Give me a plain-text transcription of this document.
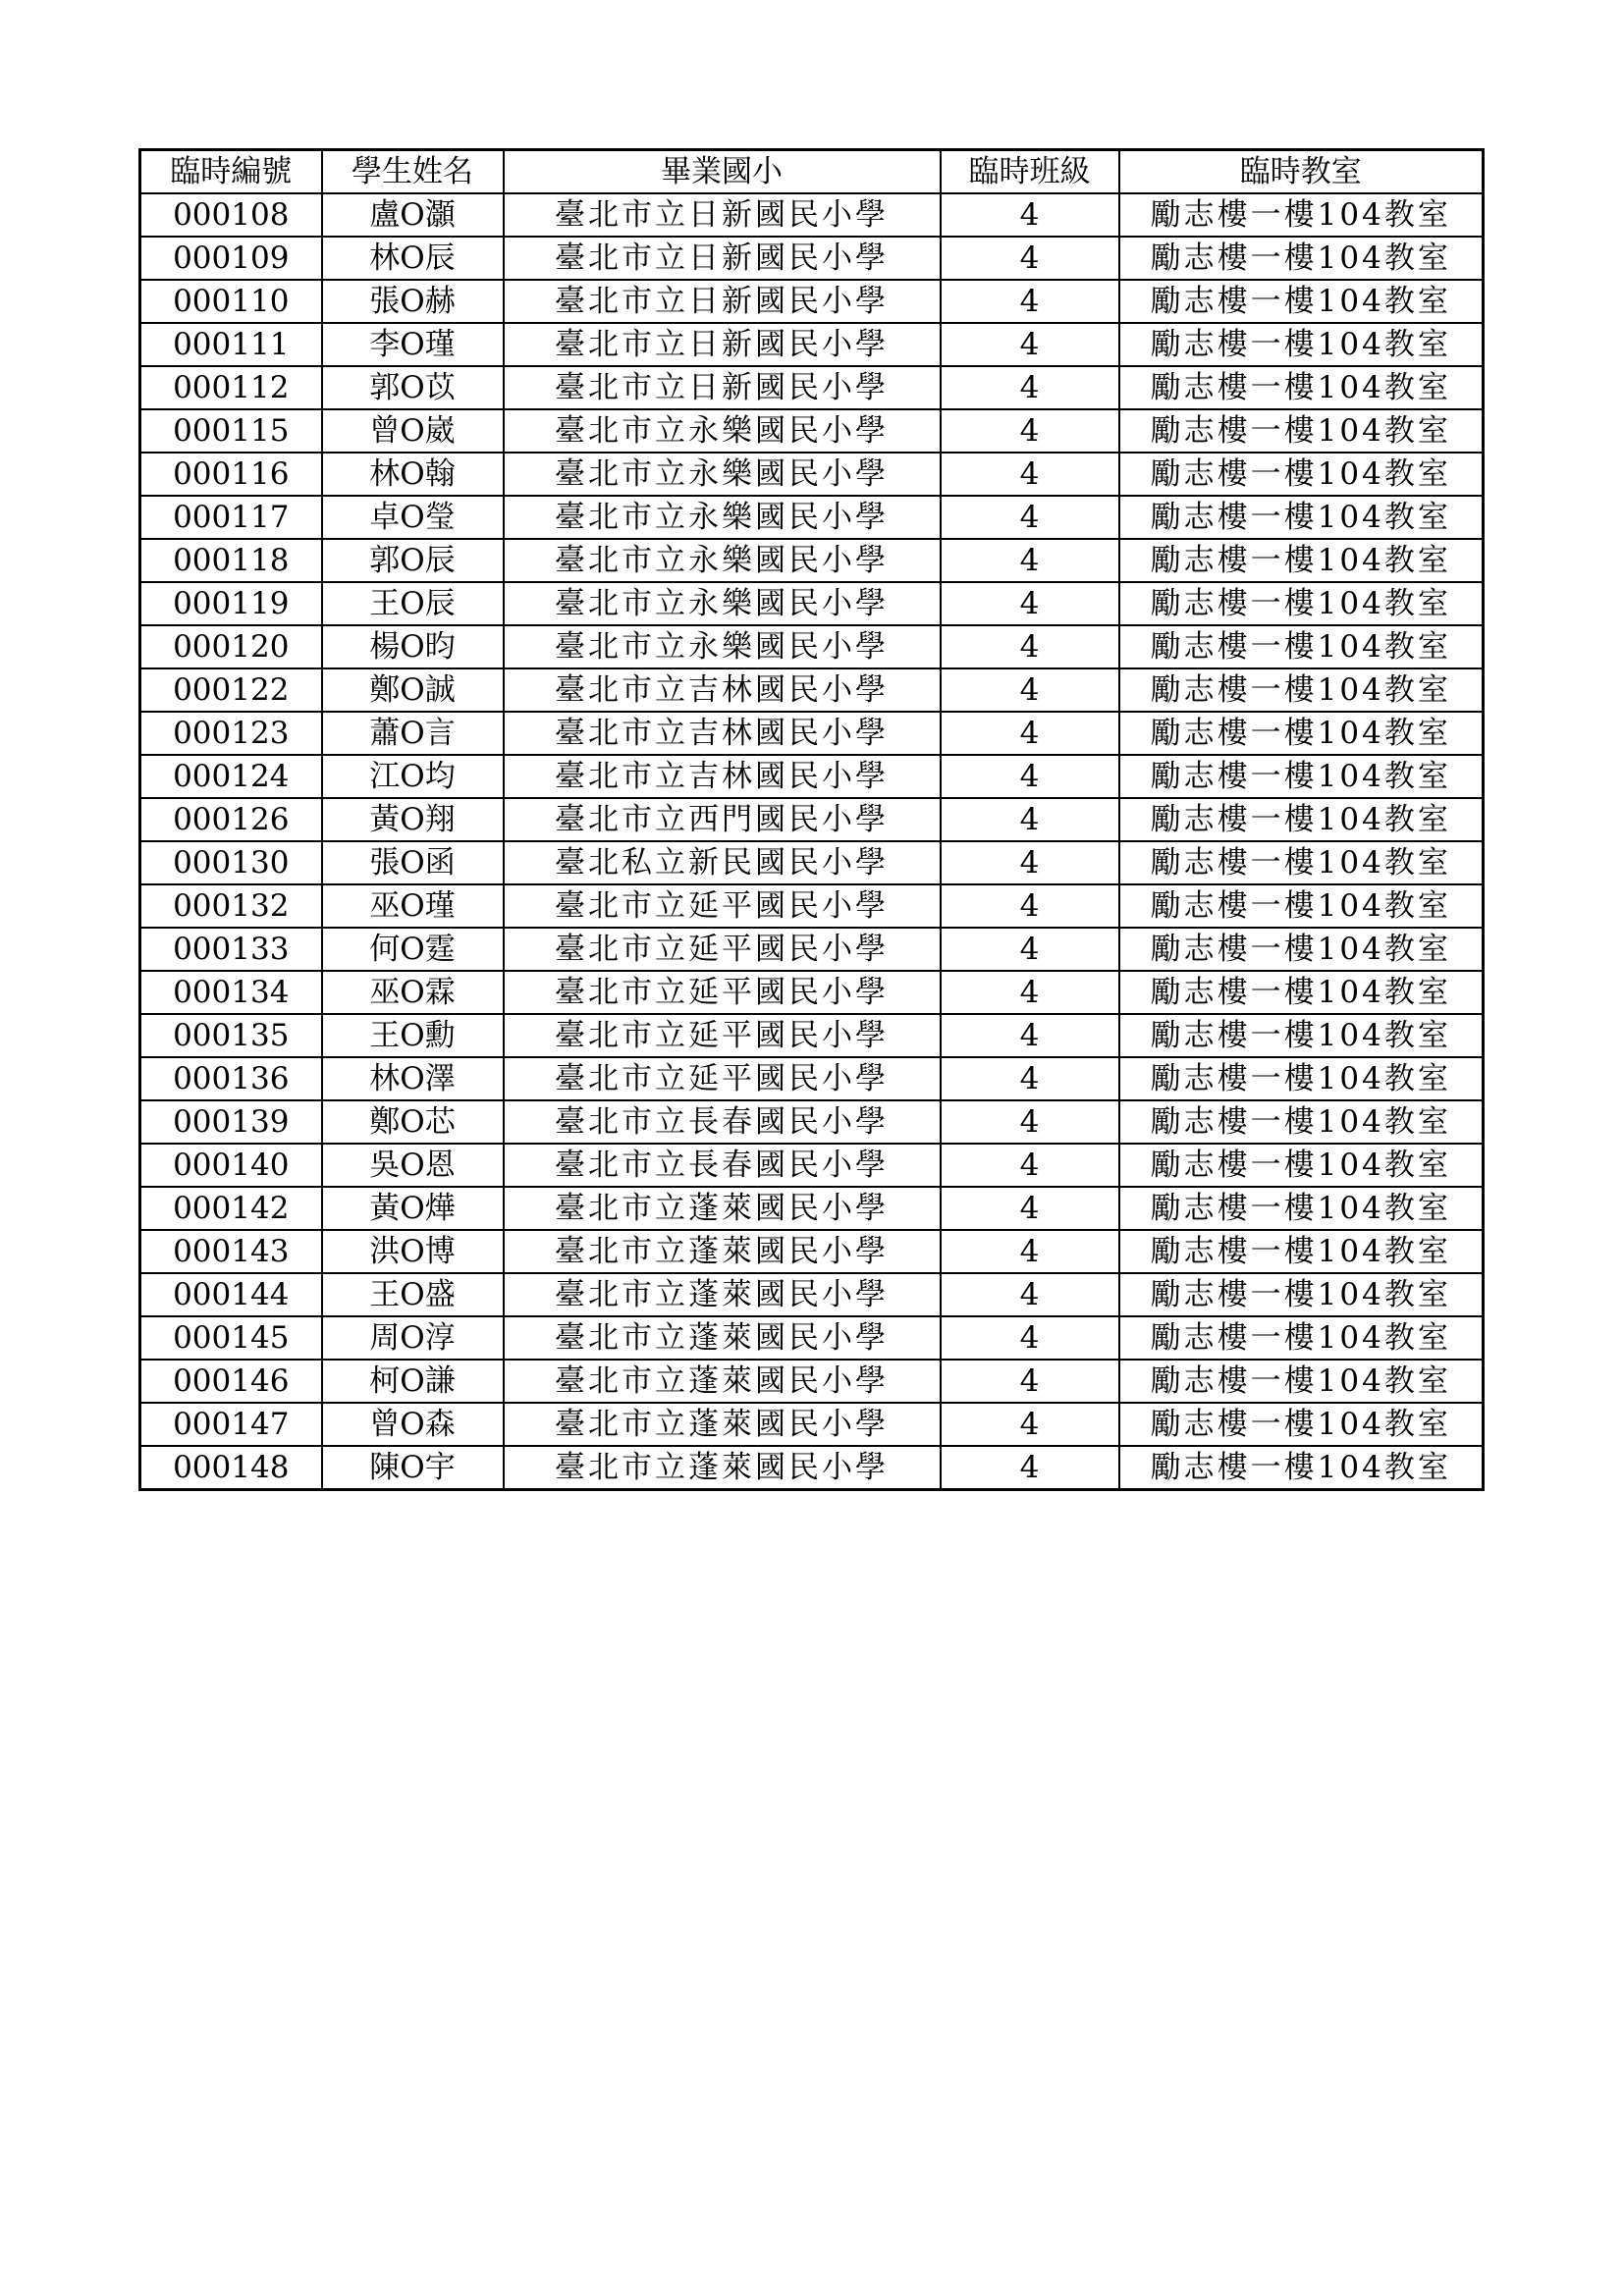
臨時編號	學生姓名	畢業國小	臨時班級	臨時教室
000108	盧O灝	臺北市立日新國民小學	4	勵志樓一樓104教室
000109	林O辰	臺北市立日新國民小學	4	勵志樓一樓104教室
000110	張O赫	臺北市立日新國民小學	4	勵志樓一樓104教室
000111	李O瑾	臺北市立日新國民小學	4	勵志樓一樓104教室
000112	郭O苡	臺北市立日新國民小學	4	勵志樓一樓104教室
000115	曾O崴	臺北市立永樂國民小學	4	勵志樓一樓104教室
000116	林O翰	臺北市立永樂國民小學	4	勵志樓一樓104教室
000117	卓O瑩	臺北市立永樂國民小學	4	勵志樓一樓104教室
000118	郭O辰	臺北市立永樂國民小學	4	勵志樓一樓104教室
000119	王O辰	臺北市立永樂國民小學	4	勵志樓一樓104教室
000120	楊O昀	臺北市立永樂國民小學	4	勵志樓一樓104教室
000122	鄭O誠	臺北市立吉林國民小學	4	勵志樓一樓104教室
000123	蕭O言	臺北市立吉林國民小學	4	勵志樓一樓104教室
000124	江O均	臺北市立吉林國民小學	4	勵志樓一樓104教室
000126	黃O翔	臺北市立西門國民小學	4	勵志樓一樓104教室
000130	張O函	臺北私立新民國民小學	4	勵志樓一樓104教室
000132	巫O瑾	臺北市立延平國民小學	4	勵志樓一樓104教室
000133	何O霆	臺北市立延平國民小學	4	勵志樓一樓104教室
000134	巫O霖	臺北市立延平國民小學	4	勵志樓一樓104教室
000135	王O勳	臺北市立延平國民小學	4	勵志樓一樓104教室
000136	林O澤	臺北市立延平國民小學	4	勵志樓一樓104教室
000139	鄭O芯	臺北市立長春國民小學	4	勵志樓一樓104教室
000140	吳O恩	臺北市立長春國民小學	4	勵志樓一樓104教室
000142	黃O燁	臺北市立蓬萊國民小學	4	勵志樓一樓104教室
000143	洪O博	臺北市立蓬萊國民小學	4	勵志樓一樓104教室
000144	王O盛	臺北市立蓬萊國民小學	4	勵志樓一樓104教室
000145	周O淳	臺北市立蓬萊國民小學	4	勵志樓一樓104教室
000146	柯O謙	臺北市立蓬萊國民小學	4	勵志樓一樓104教室
000147	曾O森	臺北市立蓬萊國民小學	4	勵志樓一樓104教室
000148	陳O宇	臺北市立蓬萊國民小學	4	勵志樓一樓104教室
